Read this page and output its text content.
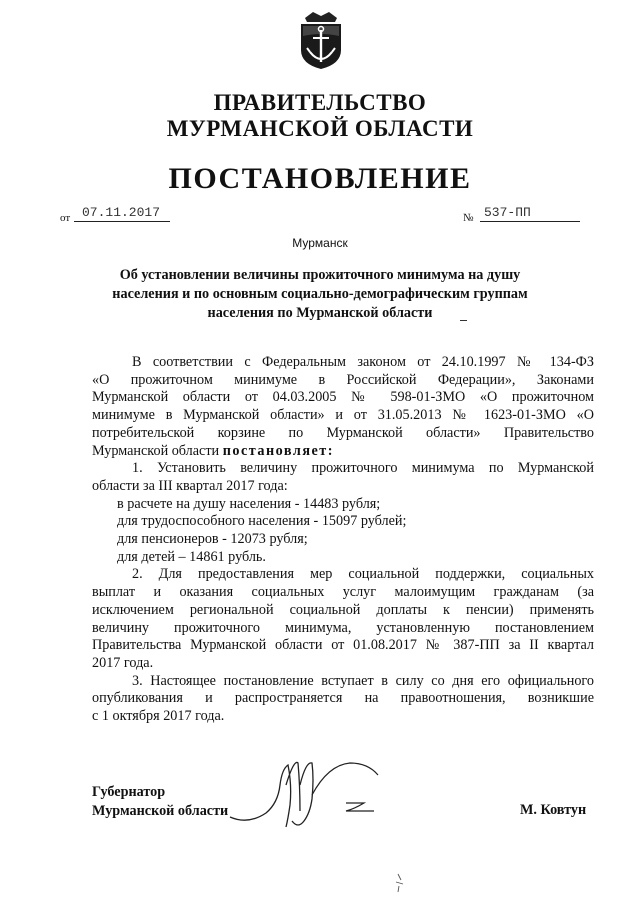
ПРАВИТЕЛЬСТВО
МУРМАНСКОЙ ОБЛАСТИ
ПОСТАНОВЛЕНИЕ
от 07.11.2017	№ 537-ПП
Мурманск
Об установлении величины прожиточного минимума на душу населения и по основным социально-демографическим группам населения по Мурманской области

В соответствии с Федеральным законом от 24.10.1997 № 134-ФЗ

«О прожиточном минимуме в Российской Федерации», Законами

Мурманской области от 04.03.2005 № 598-01-ЗМО «О прожиточном

минимуме в Мурманской области» и от 31.05.2013 № 1623-01-ЗМО «О

потребительской корзине по Мурманской области» Правительство

Мурманской области постановляет:

1. Установить величину прожиточного минимума по Мурманской

области за III квартал 2017 года:

в расчете на душу населения - 14483 рубля;

для трудоспособного населения - 15097 рублей;

для пенсионеров - 12073 рубля;

для детей – 14861 рубль.

2. Для предоставления мер социальной поддержки, социальных

выплат и оказания социальных услуг малоимущим гражданам (за

исключением региональной социальной доплаты к пенсии) применять

величину прожиточного минимума, установленную постановлением

Правительства Мурманской области от 01.08.2017 № 387-ПП за II квартал

2017 года.

3. Настоящее постановление вступает в силу со дня его официального

опубликования и распространяется на правоотношения, возникшие

с 1 октября 2017 года.

Губернатор
Мурманской области	М. Ковтун
